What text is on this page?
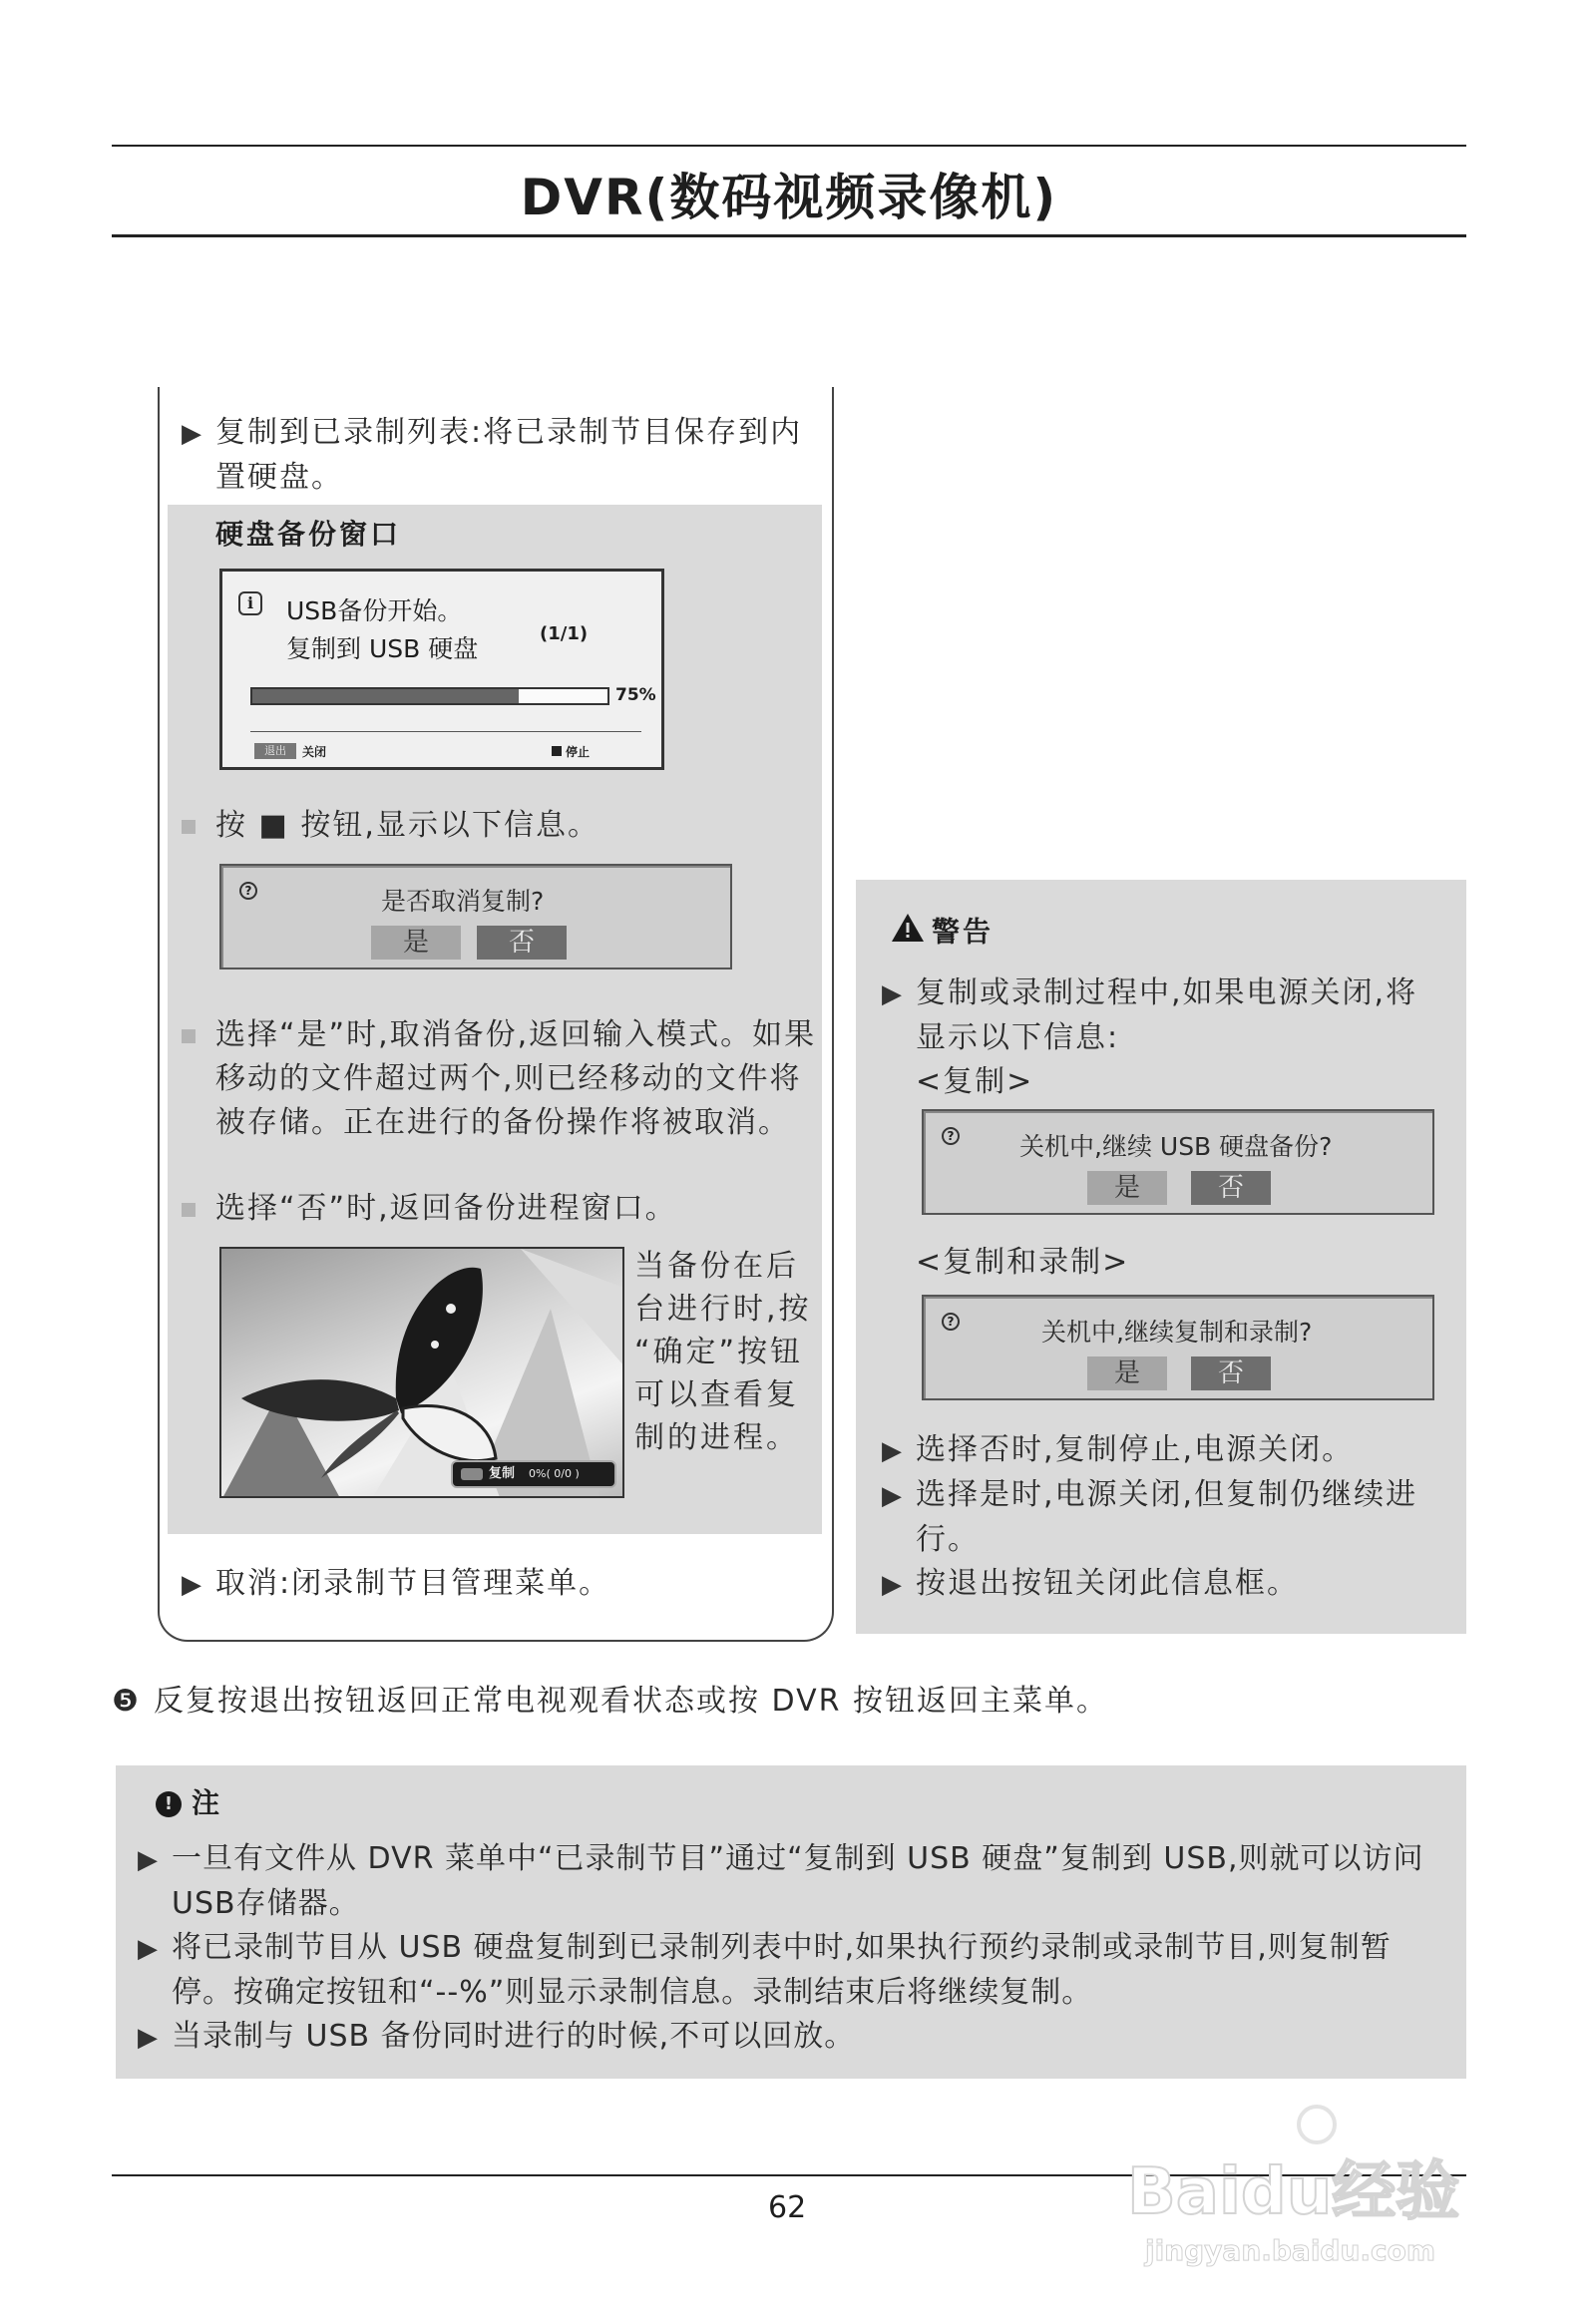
DVR(数码视频录像机)
▶ 复制到已录制列表:将已录制节目保存到内
置硬盘。
硬盘备份窗口
i	USB备份开始。
复制到 USB 硬盘
(1/1)
75%
退出	关闭	停止
按 ■ 按钮,显示以下信息。
?	是否取消复制?
是	否
选择“是”时,取消备份,返回输入模式。如果
移动的文件超过两个,则已经移动的文件将
被存储。正在进行的备份操作将被取消。
选择“否”时,返回备份进程窗口。
复制 0%( 0/0 )
当备份在后
台进行时,按
“确定”按钮
可以查看复
制的进程。
▶ 取消:闭录制节目管理菜单。
警告
▶ 复制或录制过程中,如果电源关闭,将
显示以下信息:
<复制>
?	关机中,继续 USB 硬盘备份?
是	否
<复制和录制>
?	关机中,继续复制和录制?
是	否
▶ 选择否时,复制停止,电源关闭。
▶ 选择是时,电源关闭,但复制仍继续进
行。
▶ 按退出按钮关闭此信息框。
❺ 反复按退出按钮返回正常电视观看状态或按 DVR 按钮返回主菜单。
! 注
▶ 一旦有文件从 DVR 菜单中“已录制节目”通过“复制到 USB 硬盘”复制到 USB,则就可以访问
USB存储器。
▶ 将已录制节目从 USB 硬盘复制到已录制列表中时,如果执行预约录制或录制节目,则复制暂
停。按确定按钮和“--%”则显示录制信息。录制结束后将继续复制。
▶ 当录制与 USB 备份同时进行的时候,不可以回放。
62	Baidu经验
jingyan.baidu.com
